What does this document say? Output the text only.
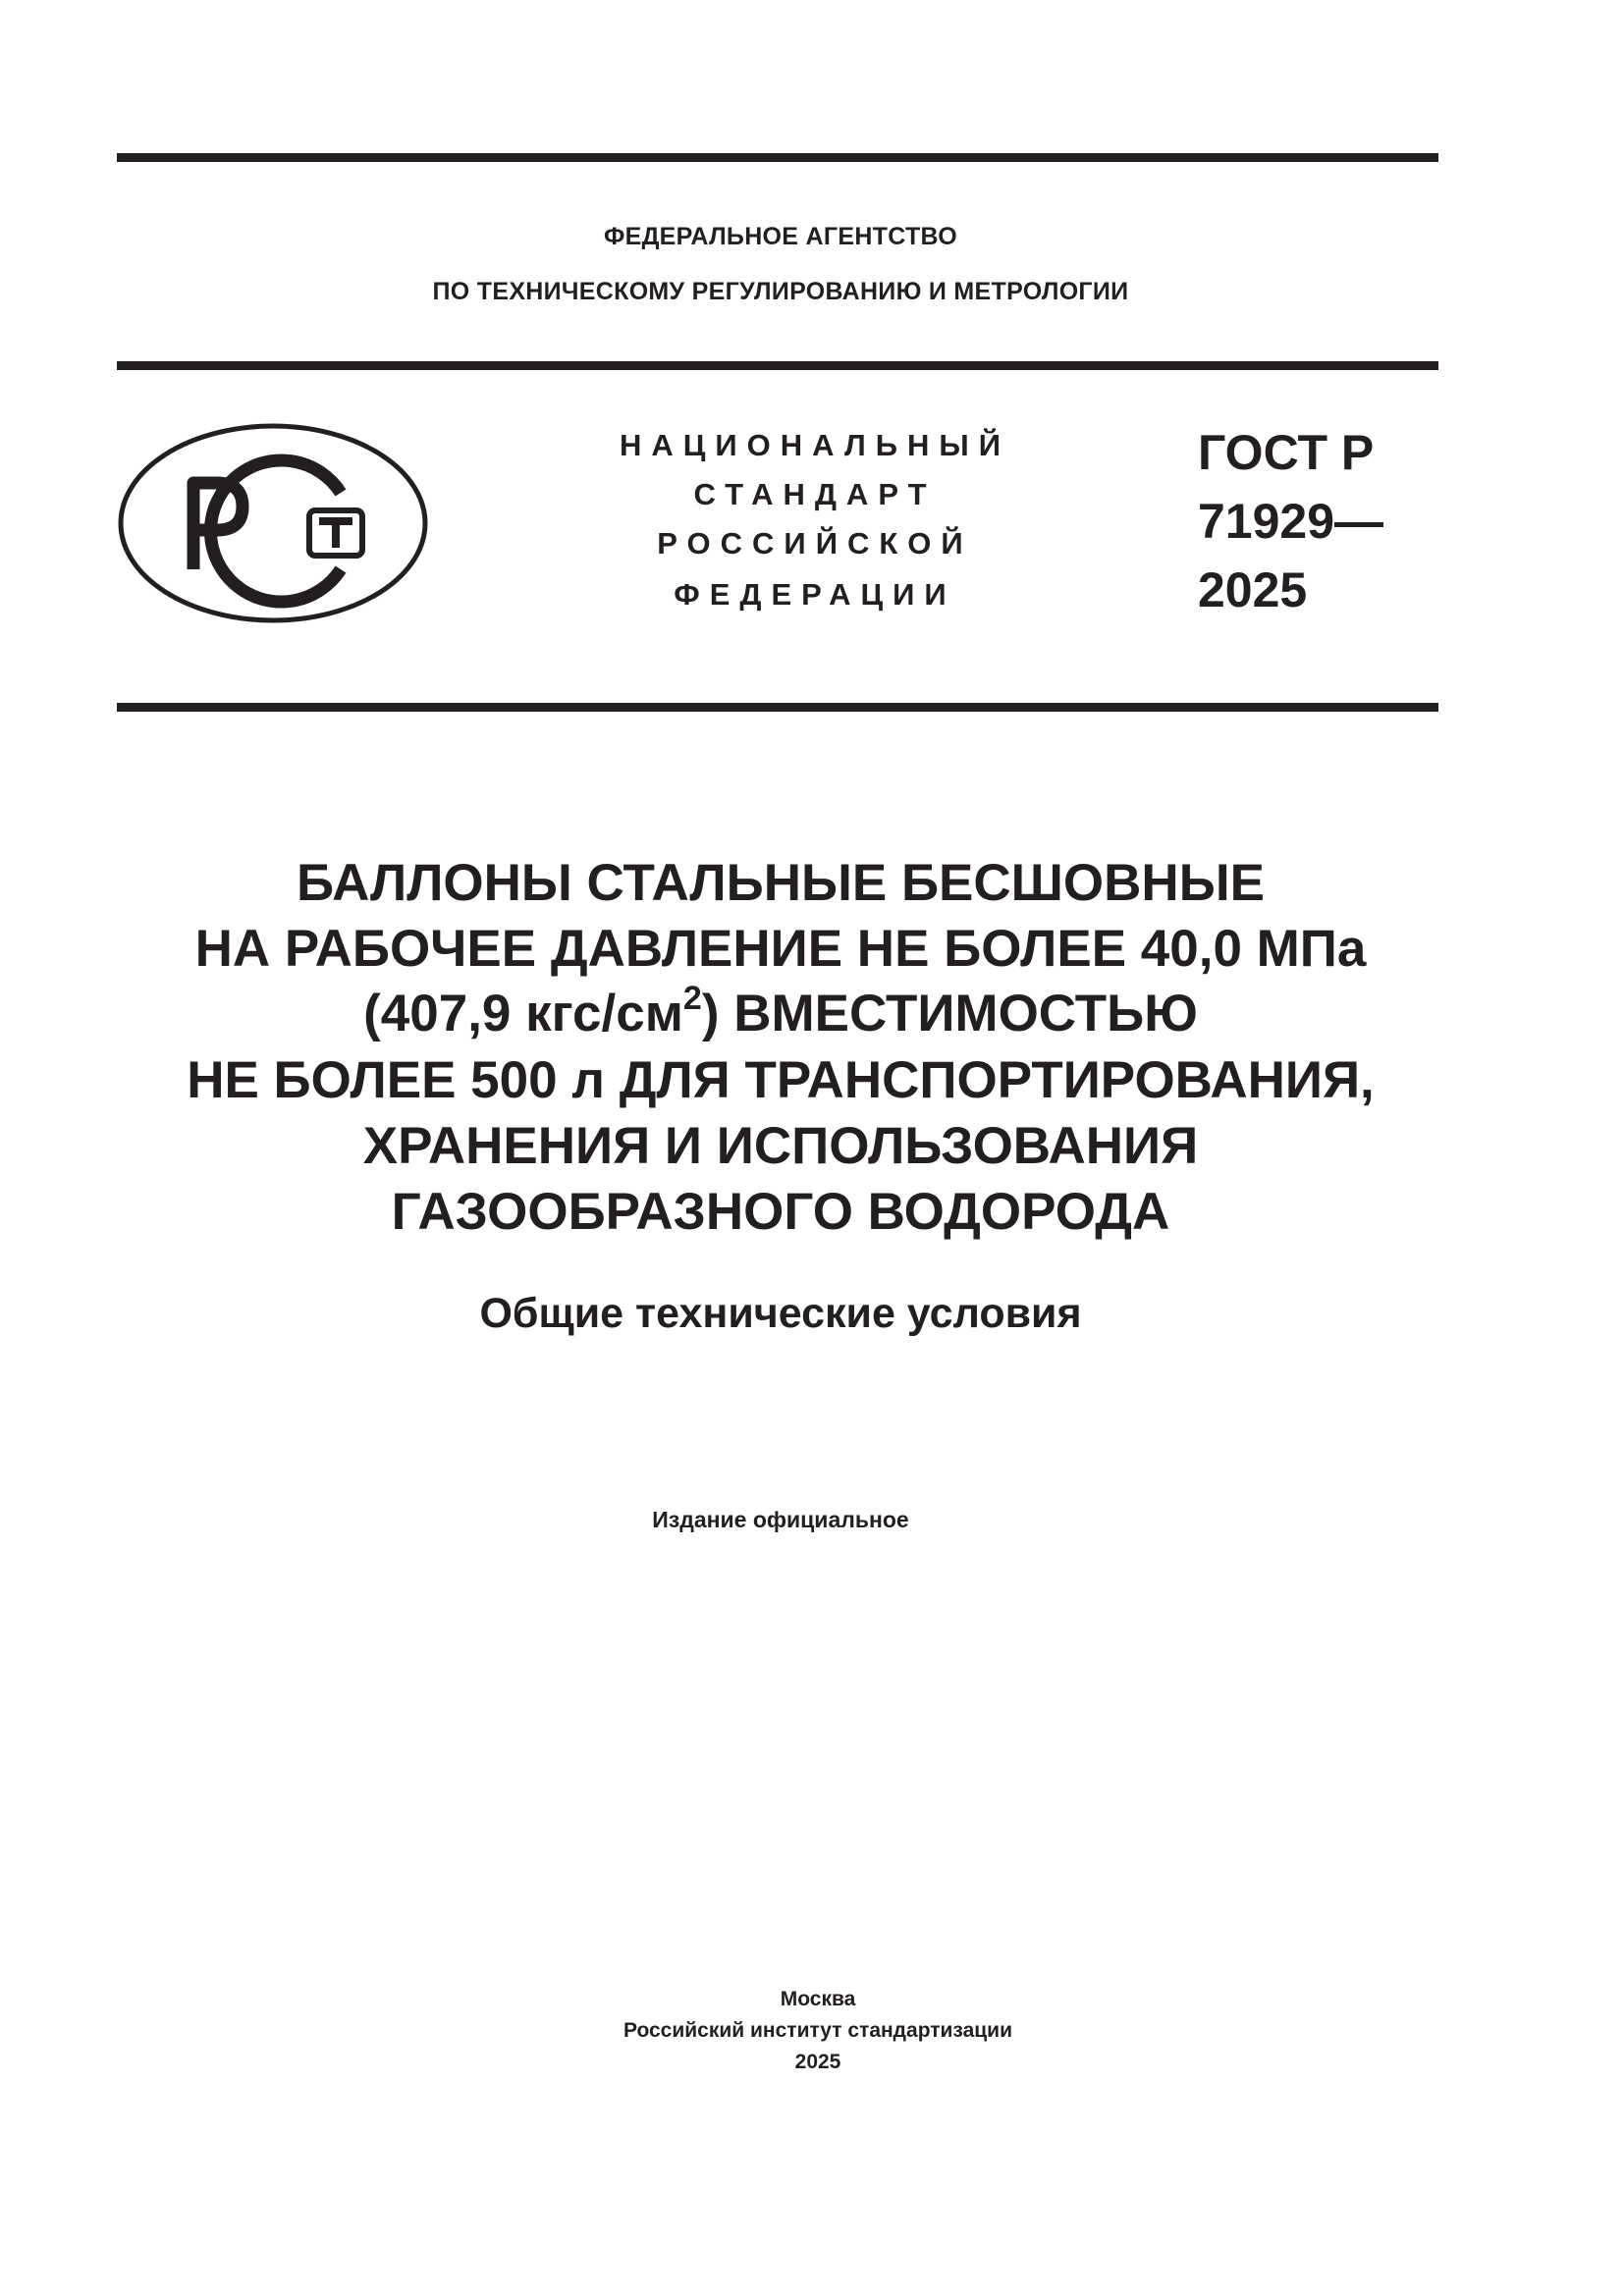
ФЕДЕРАЛЬНОЕ АГЕНТСТВО
ПО ТЕХНИЧЕСКОМУ РЕГУЛИРОВАНИЮ И МЕТРОЛОГИИ
НАЦИОНАЛЬНЫЙ
СТАНДАРТ
РОССИЙСКОЙ
ФЕДЕРАЦИИ
ГОСТ Р
71929—
2025
БАЛЛОНЫ СТАЛЬНЫЕ БЕСШОВНЫЕ
НА РАБОЧЕЕ ДАВЛЕНИЕ НЕ БОЛЕЕ 40,0 МПа
(407,9 кгс/$см^2$) ВМЕСТИМОСТЬЮ
НЕ БОЛЕЕ 500 л ДЛЯ ТРАНСПОРТИРОВАНИЯ,
ХРАНЕНИЯ И ИСПОЛЬЗОВАНИЯ
ГАЗООБРАЗНОГО ВОДОРОДА
Общие технические условия
Издание официальное
Москва
Российский институт стандартизации
2025
